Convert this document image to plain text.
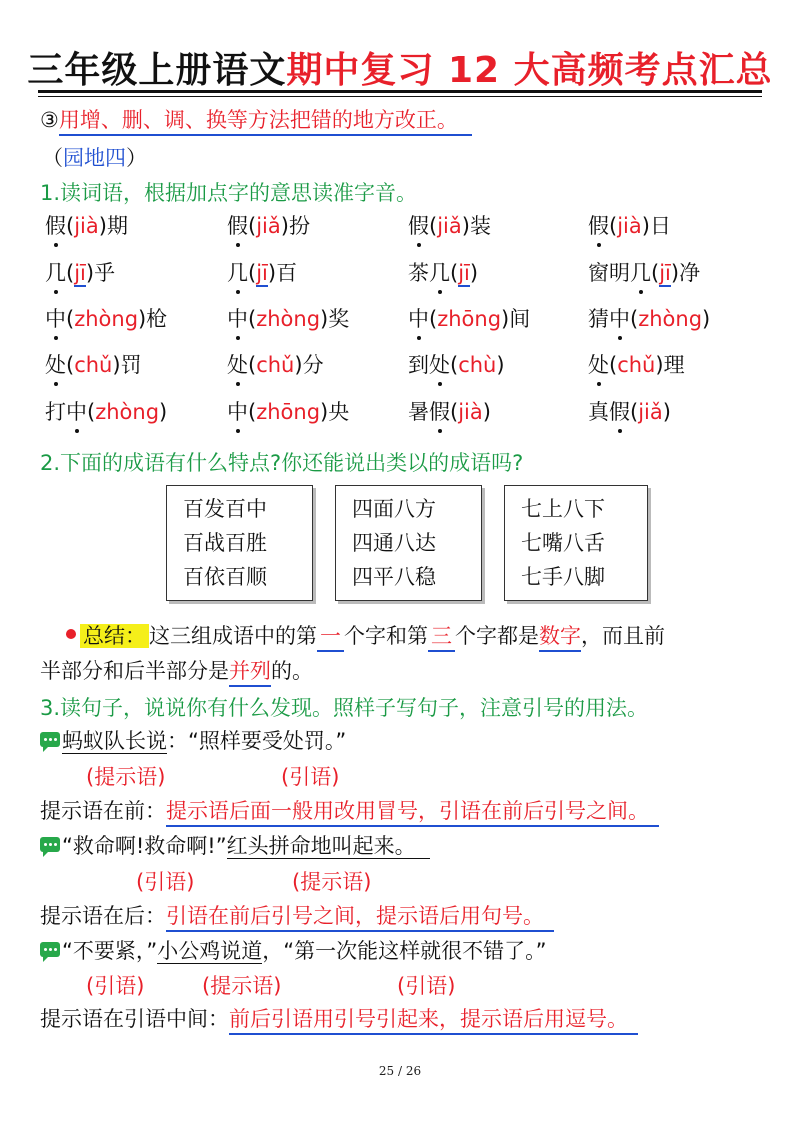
三年级上册语文期中复习 12 大高频考点汇总
③用增、删、调、换等方法把错的地方改正。
（园地四）
1.读词语，根据加点字的意思读准字音。
假(jià)期	假(jiǎ)扮	假(jiǎ)装	假(jià)日
几(jī)乎	几(jī)百	茶几(jī)	窗明几(jī)净
中(zhòng)枪	中(zhòng)奖	中(zhōng)间	猜中(zhòng)
处(chǔ)罚	处(chǔ)分	到处(chù)	处(chǔ)理
打中(zhòng)	中(zhōng)央	暑假(jià)	真假(jiǎ)
2.下面的成语有什么特点?你还能说出类以的成语吗?
百发百中
百战百胜
百依百顺
四面八方
四通八达
四平八稳
七上八下
七嘴八舌
七手八脚
总结： 这三组成语中的第 一 个字和第 三 个字都是数字，而且前
半部分和后半部分是并列的。
3.读句子，说说你有什么发现。照样子写句子，注意引号的用法。
蚂蚁队长说：“照样要受处罚。”
(提示语)	(引语)
提示语在前：提示语后面一般用改用冒号，引语在前后引号之间。
“救命啊!救命啊!”红头拼命地叫起来。
(引语)	(提示语)
提示语在后：引语在前后引号之间，提示语后用句号。
“不要紧，”小公鸡说道，“第一次能这样就很不错了。”
(引语)	(提示语)	(引语)
提示语在引语中间：前后引语用引号引起来，提示语后用逗号。
25 / 26
